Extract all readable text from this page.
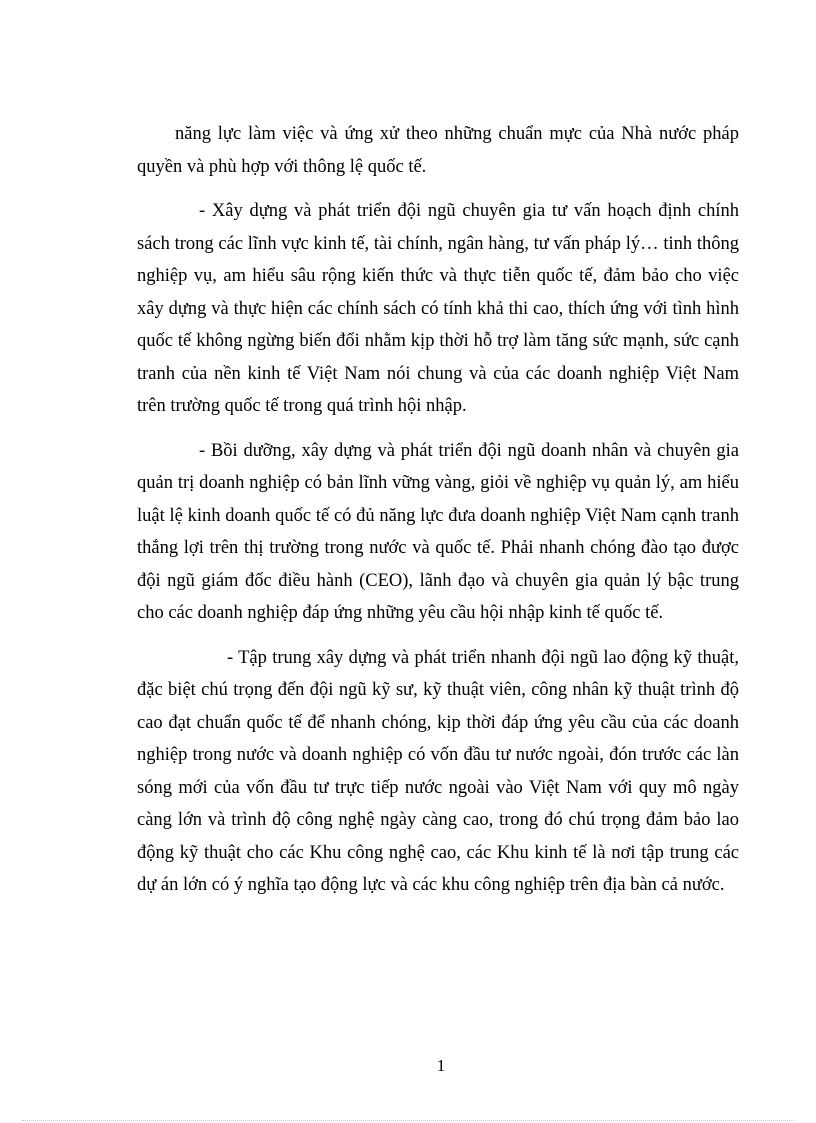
năng lực làm việc và ứng xử theo những chuẩn mực của Nhà nước pháp quyền và phù hợp với thông lệ quốc tế.

- Xây dựng và phát triển đội ngũ chuyên gia tư vấn hoạch định chính sách trong các lĩnh vực kinh tế, tài chính, ngân hàng, tư vấn pháp lý… tinh thông nghiệp vụ, am hiểu sâu rộng kiến thức và thực tiễn quốc tế, đảm bảo cho việc xây dựng và thực hiện các chính sách có tính khả thi cao, thích ứng với tình hình quốc tế không ngừng biến đổi nhằm kịp thời hỗ trợ làm tăng sức mạnh, sức cạnh tranh của nền kinh tế Việt Nam nói chung và của các doanh nghiệp Việt Nam trên trường quốc tế trong quá trình hội nhập.

- Bồi dưỡng, xây dựng và phát triển đội ngũ doanh nhân và chuyên gia quản trị doanh nghiệp có bản lĩnh vững vàng, giỏi về nghiệp vụ quản lý, am hiểu luật lệ kinh doanh quốc tế có đủ năng lực đưa doanh nghiệp Việt Nam cạnh tranh thắng lợi trên thị trường trong nước và quốc tế. Phải nhanh chóng đào tạo được đội ngũ giám đốc điều hành (CEO), lãnh đạo và chuyên gia quản lý bậc trung cho các doanh nghiệp đáp ứng những yêu cầu hội nhập kinh tế quốc tế.

- Tập trung xây dựng và phát triển nhanh đội ngũ lao động kỹ thuật, đặc biệt chú trọng đến đội ngũ kỹ sư, kỹ thuật viên, công nhân kỹ thuật trình độ cao đạt chuẩn quốc tế để nhanh chóng, kịp thời đáp ứng yêu cầu của các doanh nghiệp trong nước và doanh nghiệp có vốn đầu tư nước ngoài, đón trước các làn sóng mới của vốn đầu tư trực tiếp nước ngoài vào Việt Nam với quy mô ngày càng lớn và trình độ công nghệ ngày càng cao, trong đó chú trọng đảm bảo lao động kỹ thuật cho các Khu công nghệ cao, các Khu kinh tế là nơi tập trung các dự án lớn có ý nghĩa tạo động lực và các khu công nghiệp trên địa bàn cả nước.

1
